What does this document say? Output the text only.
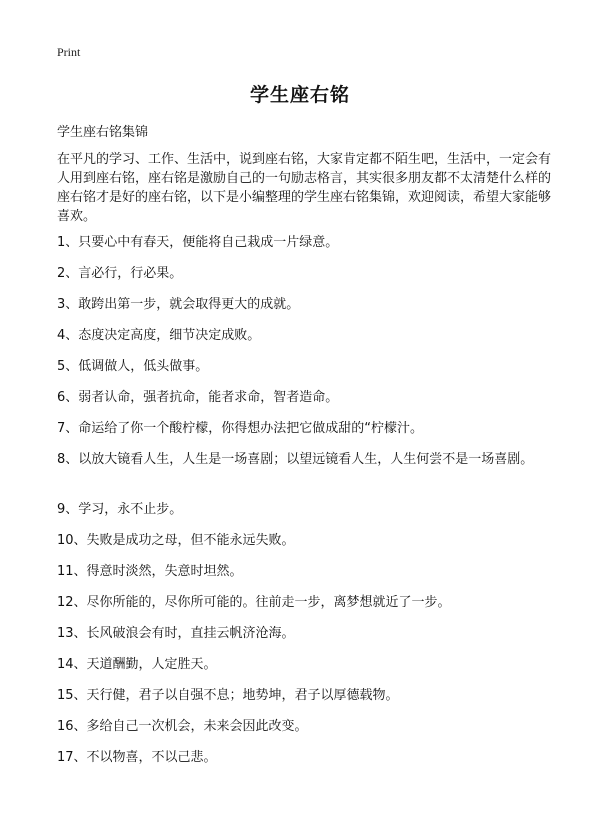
Print
学生座右铭
学生座右铭集锦
在平凡的学习、工作、生活中，说到座右铭，大家肯定都不陌生吧，生活中，一定会有人用到座右铭，座右铭是激励自己的一句励志格言，其实很多朋友都不太清楚什么样的座右铭才是好的座右铭，以下是小编整理的学生座右铭集锦，欢迎阅读，希望大家能够喜欢。
1、只要心中有春天，便能将自己栽成一片绿意。
2、言必行，行必果。
3、敢跨出第一步，就会取得更大的成就。
4、态度决定高度，细节决定成败。
5、低调做人，低头做事。
6、弱者认命，强者抗命，能者求命，智者造命。
7、命运给了你一个酸柠檬，你得想办法把它做成甜的“柠檬汁。
8、以放大镜看人生，人生是一场喜剧；以望远镜看人生，人生何尝不是一场喜剧。
9、学习，永不止步。
10、失败是成功之母，但不能永远失败。
11、得意时淡然，失意时坦然。
12、尽你所能的，尽你所可能的。往前走一步，离梦想就近了一步。
13、长风破浪会有时，直挂云帆济沧海。
14、天道酬勤，人定胜天。
15、天行健，君子以自强不息；地势坤，君子以厚德载物。
16、多给自己一次机会，未来会因此改变。
17、不以物喜，不以己悲。
